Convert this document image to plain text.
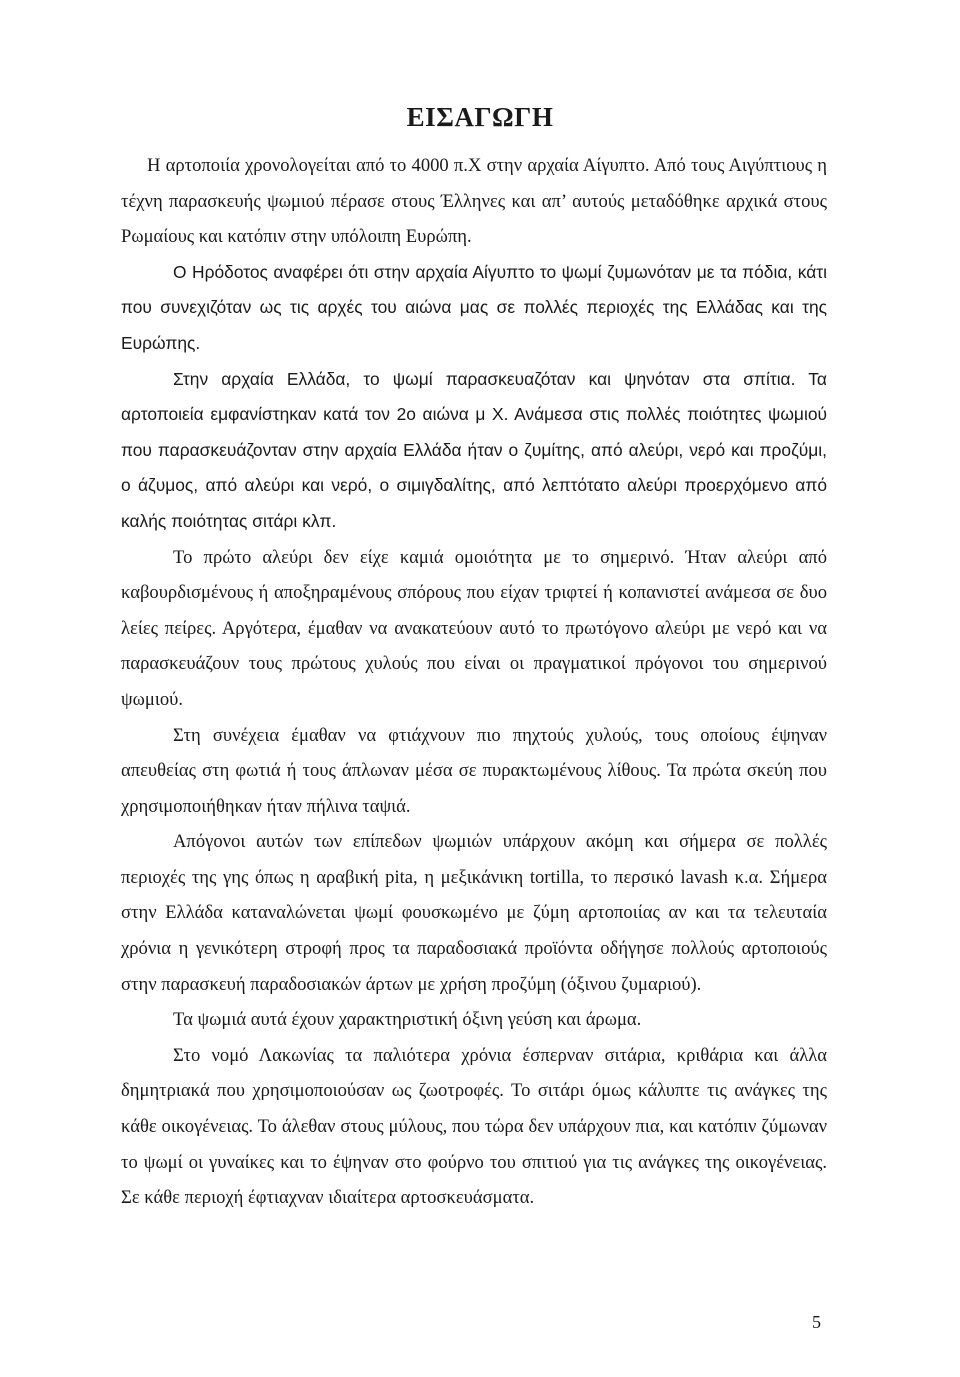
ΕΙΣΑΓΩΓΗ

Η αρτοποιία χρονολογείται από το 4000 π.Χ στην αρχαία Αίγυπτο. Από τους Αιγύπτιους η τέχνη παρασκευής ψωμιού πέρασε στους Έλληνες και απ’ αυτούς μεταδόθηκε αρχικά στους Ρωμαίους και κατόπιν στην υπόλοιπη Ευρώπη.

Ο Ηρόδοτος αναφέρει ότι στην αρχαία Αίγυπτο το ψωμί ζυμωνόταν με τα πόδια, κάτι που συνεχιζόταν ως τις αρχές του αιώνα μας σε πολλές περιοχές της Ελλάδας και της Ευρώπης.

Στην αρχαία Ελλάδα, το ψωμί παρασκευαζόταν και ψηνόταν στα σπίτια. Τα αρτοποιεία εμφανίστηκαν κατά τον 2ο αιώνα μ Χ. Ανάμεσα στις πολλές ποιότητες ψωμιού που παρασκευάζονταν στην αρχαία Ελλάδα ήταν ο ζυμίτης, από αλεύρι, νερό και προζύμι, ο άζυμος, από αλεύρι και νερό, ο σιμιγδαλίτης, από λεπτότατο αλεύρι προερχόμενο από καλής ποιότητας σιτάρι κλπ.

Το πρώτο αλεύρι δεν είχε καμιά ομοιότητα με το σημερινό. Ήταν αλεύρι από καβουρδισμένους ή αποξηραμένους σπόρους που είχαν τριφτεί ή κοπανιστεί ανάμεσα σε δυο λείες πείρες. Αργότερα, έμαθαν να ανακατεύουν αυτό το πρωτόγονο αλεύρι με νερό και να παρασκευάζουν τους πρώτους χυλούς που είναι οι πραγματικοί πρόγονοι του σημερινού ψωμιού.

Στη συνέχεια έμαθαν να φτιάχνουν πιο πηχτούς χυλούς, τους οποίους έψηναν απευθείας στη φωτιά ή τους άπλωναν μέσα σε πυρακτωμένους λίθους. Τα πρώτα σκεύη που χρησιμοποιήθηκαν ήταν πήλινα ταψιά.

Απόγονοι αυτών των επίπεδων ψωμιών υπάρχουν ακόμη και σήμερα σε πολλές περιοχές της γης όπως η αραβική pita, η μεξικάνικη tortilla, το περσικό lavash κ.α. Σήμερα στην Ελλάδα καταναλώνεται ψωμί φουσκωμένο με ζύμη αρτοποιίας αν και τα τελευταία χρόνια η γενικότερη στροφή προς τα παραδοσιακά προϊόντα οδήγησε πολλούς αρτοποιούς στην παρασκευή παραδοσιακών άρτων με χρήση προζύμη (όξινου ζυμαριού).

Τα ψωμιά αυτά έχουν χαρακτηριστική όξινη γεύση και άρωμα.

Στο νομό Λακωνίας τα παλιότερα χρόνια έσπερναν σιτάρια, κριθάρια και άλλα δημητριακά που χρησιμοποιούσαν ως ζωοτροφές. Το σιτάρι όμως κάλυπτε τις ανάγκες της κάθε οικογένειας. Το άλεθαν στους μύλους, που τώρα δεν υπάρχουν πια, και κατόπιν ζύμωναν το ψωμί οι γυναίκες και το έψηναν στο φούρνο του σπιτιού για τις ανάγκες της οικογένειας. Σε κάθε περιοχή έφτιαχναν ιδιαίτερα αρτοσκευάσματα.

5
